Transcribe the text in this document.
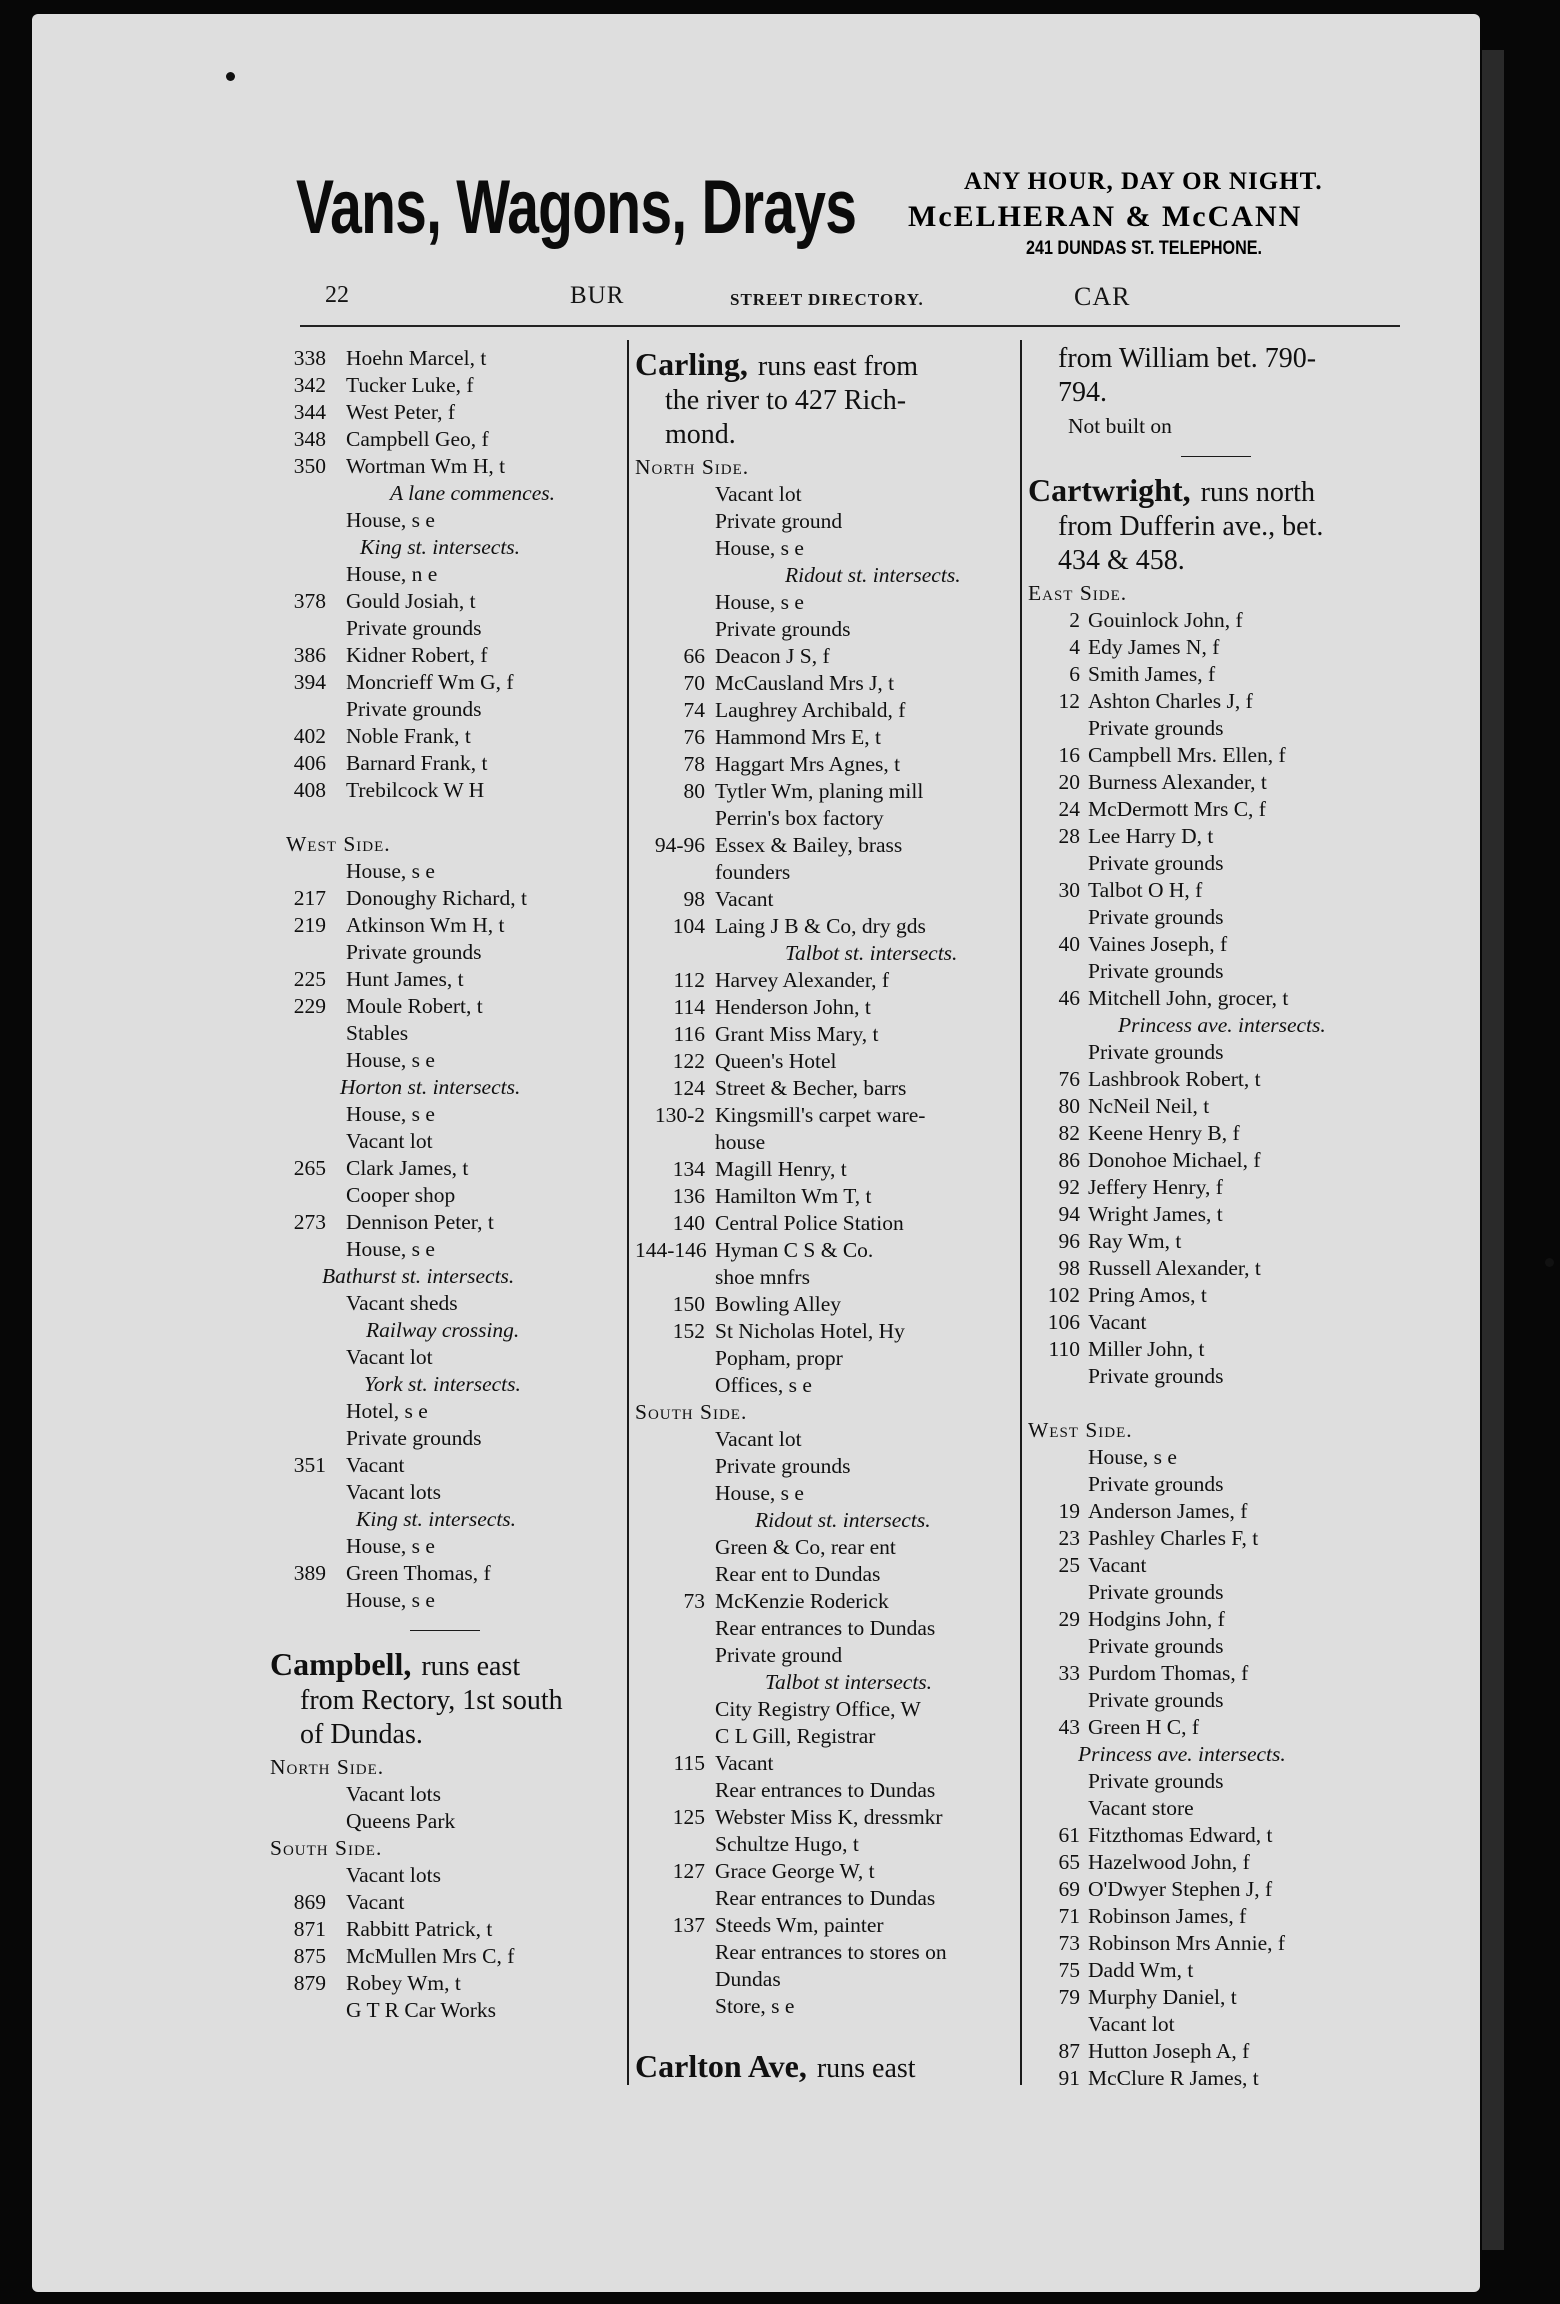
Vans, Wagons, Drays	ANY HOUR, DAY OR NIGHT.
McELHERAN & McCANN
241 DUNDAS ST. TELEPHONE.
22	BUR	STREET DIRECTORY.	CAR
338 Hoehn Marcel, t
342 Tucker Luke, f
344 West Peter, f
348 Campbell Geo, f
350 Wortman Wm H, t
A lane commences.
House, s e
King st. intersects.
House, n e
378 Gould Josiah, t
Private grounds
386 Kidner Robert, f
394 Moncrieff Wm G, f
Private grounds
402 Noble Frank, t
406 Barnard Frank, t
408 Trebilcock W H
West Side.
House, s e
217 Donoughy Richard, t
219 Atkinson Wm H, t
Private grounds
225 Hunt James, t
229 Moule Robert, t
Stables
House, s e
Horton st. intersects.
House, s e
Vacant lot
265 Clark James, t
Cooper shop
273 Dennison Peter, t
House, s e
Bathurst st. intersects.
Vacant sheds
Railway crossing.
Vacant lot
York st. intersects.
Hotel, s e
Private grounds
351 Vacant
Vacant lots
King st. intersects.
House, s e
389 Green Thomas, f
House, s e
Campbell, runs east
from Rectory, 1st south
of Dundas.
North Side.
Vacant lots
Queens Park
South Side.
Vacant lots
869 Vacant
871 Rabbitt Patrick, t
875 McMullen Mrs C, f
879 Robey Wm, t
G T R Car Works
Carling, runs east from
the river to 427 Rich-
mond.
North Side.
Vacant lot
Private ground
House, s e
Ridout st. intersects.
House, s e
Private grounds
66 Deacon J S, f
70 McCausland Mrs J, t
74 Laughrey Archibald, f
76 Hammond Mrs E, t
78 Haggart Mrs Agnes, t
80 Tytler Wm, planing mill
Perrin's box factory
94-96 Essex & Bailey, brass
founders
98 Vacant
104 Laing J B & Co, dry gds
Talbot st. intersects.
112 Harvey Alexander, f
114 Henderson John, t
116 Grant Miss Mary, t
122 Queen's Hotel
124 Street & Becher, barrs
130-2 Kingsmill's carpet ware-
house
134 Magill Henry, t
136 Hamilton Wm T, t
140 Central Police Station
144-146 Hyman C S & Co.
shoe mnfrs
150 Bowling Alley
152 St Nicholas Hotel, Hy
Popham, propr
Offices, s e
South Side.
Vacant lot
Private grounds
House, s e
Ridout st. intersects.
Green & Co, rear ent
Rear ent to Dundas
73 McKenzie Roderick
Rear entrances to Dundas
Private ground
Talbot st intersects.
City Registry Office, W
C L Gill, Registrar
115 Vacant
Rear entrances to Dundas
125 Webster Miss K, dressmkr
Schultze Hugo, t
127 Grace George W, t
Rear entrances to Dundas
137 Steeds Wm, painter
Rear entrances to stores on
Dundas
Store, s e
Carlton Ave, runs east
from William bet. 790-
794.
Not built on
Cartwright, runs north
from Dufferin ave., bet.
434 & 458.
East Side.
2 Gouinlock John, f
4 Edy James N, f
6 Smith James, f
12 Ashton Charles J, f
Private grounds
16 Campbell Mrs. Ellen, f
20 Burness Alexander, t
24 McDermott Mrs C, f
28 Lee Harry D, t
Private grounds
30 Talbot O H, f
Private grounds
40 Vaines Joseph, f
Private grounds
46 Mitchell John, grocer, t
Princess ave. intersects.
Private grounds
76 Lashbrook Robert, t
80 NcNeil Neil, t
82 Keene Henry B, f
86 Donohoe Michael, f
92 Jeffery Henry, f
94 Wright James, t
96 Ray Wm, t
98 Russell Alexander, t
102 Pring Amos, t
106 Vacant
110 Miller John, t
Private grounds
West Side.
House, s e
Private grounds
19 Anderson James, f
23 Pashley Charles F, t
25 Vacant
Private grounds
29 Hodgins John, f
Private grounds
33 Purdom Thomas, f
Private grounds
43 Green H C, f
Princess ave. intersects.
Private grounds
Vacant store
61 Fitzthomas Edward, t
65 Hazelwood John, f
69 O'Dwyer Stephen J, f
71 Robinson James, f
73 Robinson Mrs Annie, f
75 Dadd Wm, t
79 Murphy Daniel, t
Vacant lot
87 Hutton Joseph A, f
91 McClure R James, t
